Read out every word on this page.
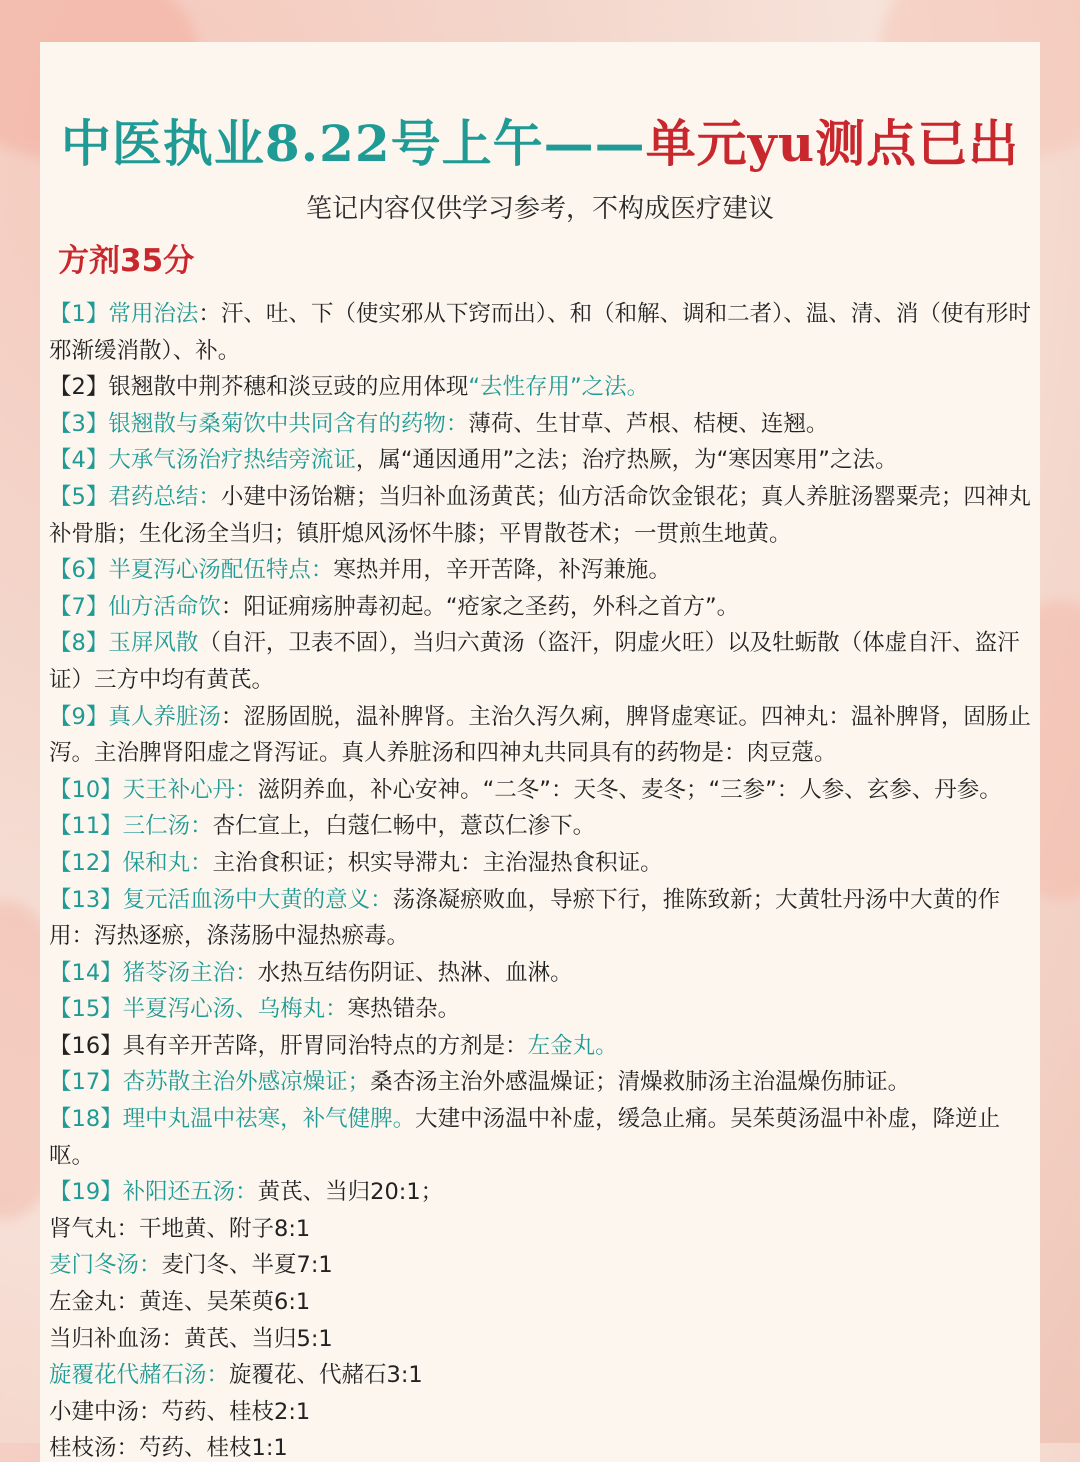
中医执业8.22号上午——单元yu测点已出
笔记内容仅供学习参考，不构成医疗建议
方剂35分

【1】常用治法：汗、吐、下（使实邪从下窍而出）、和（和解、调和二者）、温、清、消（使有形时邪渐缓消散）、补。

【2】银翘散中荆芥穗和淡豆豉的应用体现“去性存用”之法。

【3】银翘散与桑菊饮中共同含有的药物：薄荷、生甘草、芦根、桔梗、连翘。

【4】大承气汤治疗热结旁流证，属“通因通用”之法；治疗热厥，为“寒因寒用”之法。

【5】君药总结：小建中汤饴糖；当归补血汤黄芪；仙方活命饮金银花；真人养脏汤罂粟壳；四神丸补骨脂；生化汤全当归；镇肝熄风汤怀牛膝；平胃散苍术；一贯煎生地黄。

【6】半夏泻心汤配伍特点：寒热并用，辛开苦降，补泻兼施。

【7】仙方活命饮：阳证痈疡肿毒初起。“疮家之圣药，外科之首方”。

【8】玉屏风散（自汗，卫表不固），当归六黄汤（盗汗，阴虚火旺）以及牡蛎散（体虚自汗、盗汗证）三方中均有黄芪。

【9】真人养脏汤：涩肠固脱，温补脾肾。主治久泻久痢，脾肾虚寒证。四神丸：温补脾肾，固肠止泻。主治脾肾阳虚之肾泻证。真人养脏汤和四神丸共同具有的药物是：肉豆蔻。

【10】天王补心丹：滋阴养血，补心安神。“二冬”：天冬、麦冬；“三参”：人参、玄参、丹参。

【11】三仁汤：杏仁宣上，白蔻仁畅中，薏苡仁渗下。

【12】保和丸：主治食积证；枳实导滞丸：主治湿热食积证。

【13】复元活血汤中大黄的意义：荡涤凝瘀败血，导瘀下行，推陈致新；大黄牡丹汤中大黄的作用：泻热逐瘀，涤荡肠中湿热瘀毒。

【14】猪苓汤主治：水热互结伤阴证、热淋、血淋。

【15】半夏泻心汤、乌梅丸：寒热错杂。

【16】具有辛开苦降，肝胃同治特点的方剂是：左金丸。

【17】杏苏散主治外感凉燥证；桑杏汤主治外感温燥证；清燥救肺汤主治温燥伤肺证。

【18】理中丸温中祛寒，补气健脾。大建中汤温中补虚，缓急止痛。吴茱萸汤温中补虚，降逆止呕。

【19】补阳还五汤：黄芪、当归20:1；

肾气丸：干地黄、附子8:1

麦门冬汤：麦门冬、半夏7:1

左金丸：黄连、吴茱萸6:1

当归补血汤：黄芪、当归5:1

旋覆花代赭石汤：旋覆花、代赭石3:1

小建中汤：芍药、桂枝2:1

桂枝汤：芍药、桂枝1:1
